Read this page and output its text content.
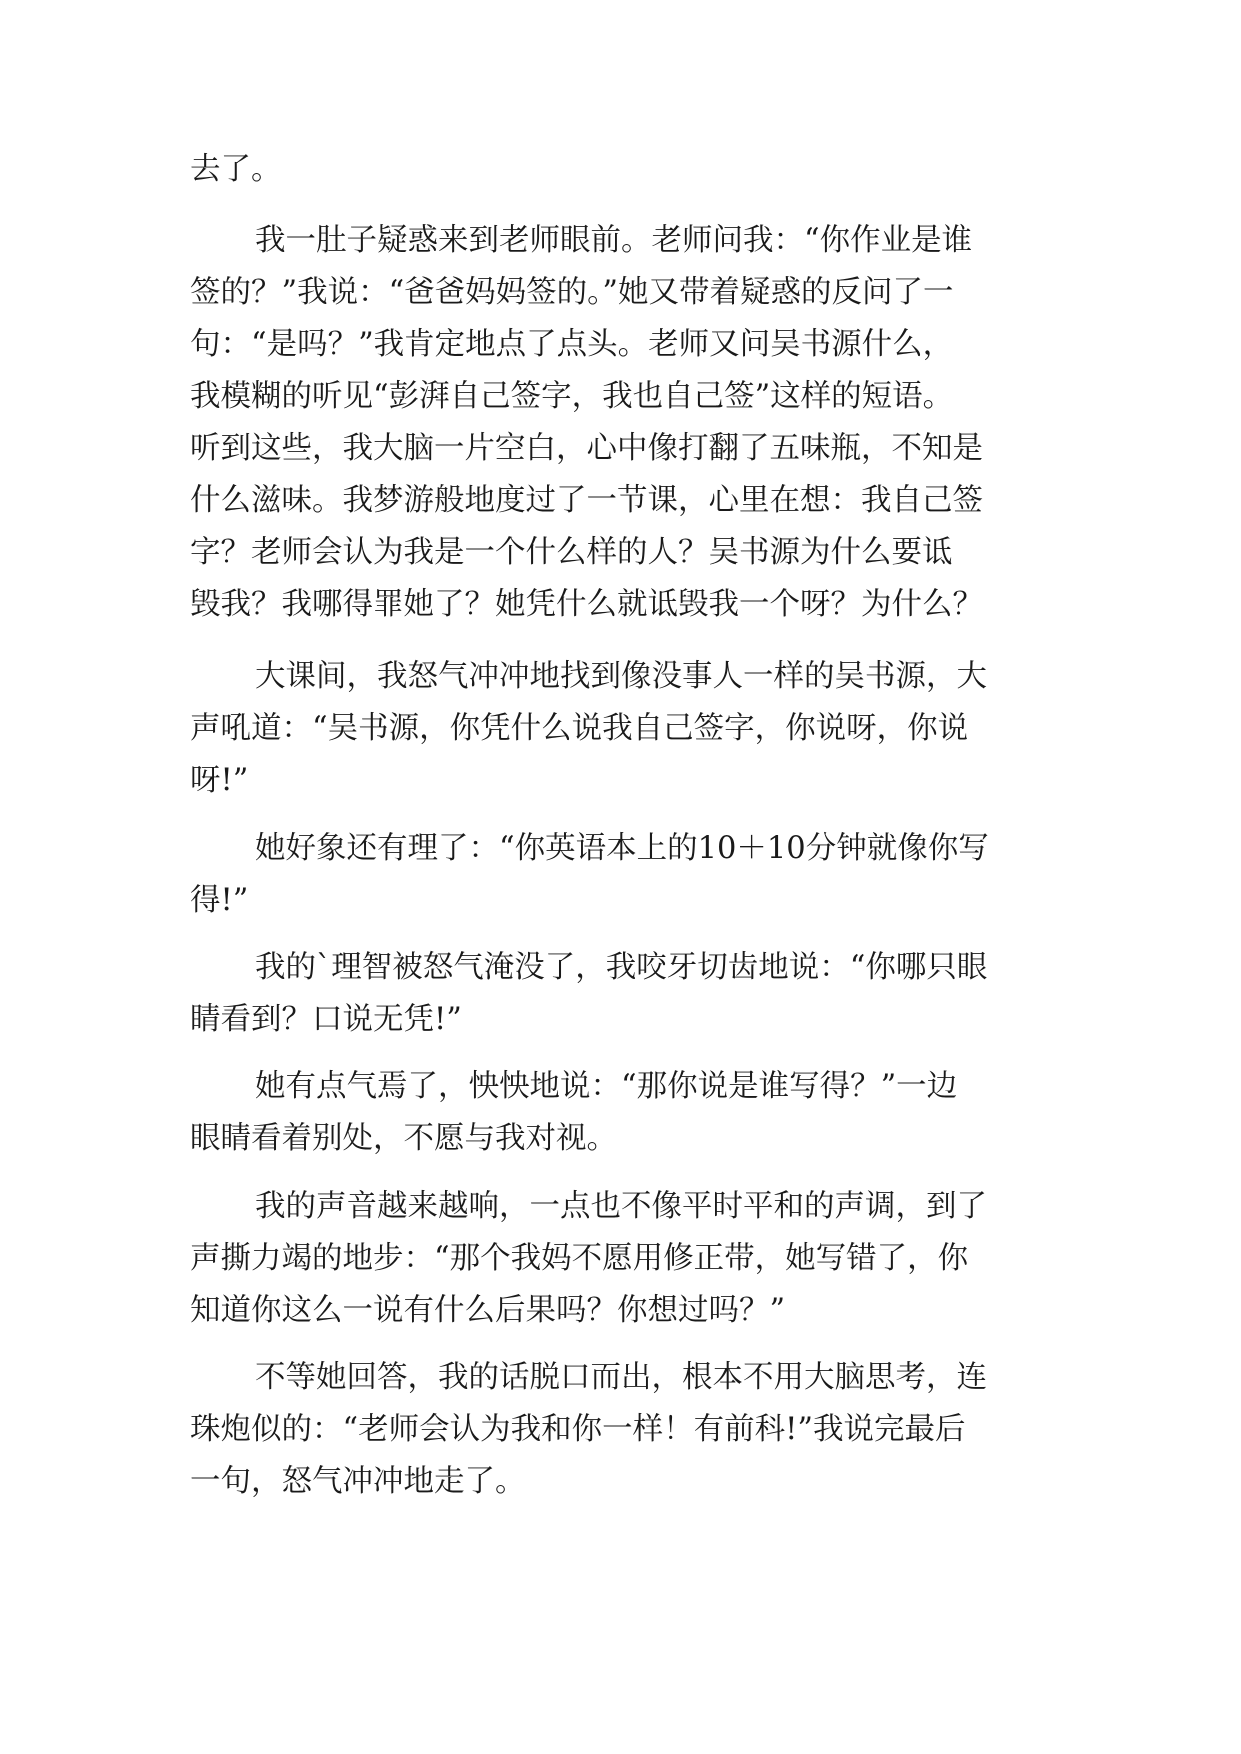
去了。
我一肚子疑惑来到老师眼前。老师问我：“你作业是谁
签的？”我说：“爸爸妈妈签的。”她又带着疑惑的反问了一
句：“是吗？”我肯定地点了点头。老师又问吴书源什么，
我模糊的听见“彭湃自己签字，我也自己签”这样的短语。
听到这些，我大脑一片空白，心中像打翻了五味瓶，不知是
什么滋味。我梦游般地度过了一节课，心里在想：我自己签
字？老师会认为我是一个什么样的人？吴书源为什么要诋
毁我？我哪得罪她了？她凭什么就诋毁我一个呀？为什么？
大课间，我怒气冲冲地找到像没事人一样的吴书源，大
声吼道：“吴书源，你凭什么说我自己签字，你说呀，你说
呀!”
她好象还有理了：“你英语本上的10＋10分钟就像你写
得!”
我的`理智被怒气淹没了，我咬牙切齿地说：“你哪只眼
睛看到？口说无凭!”
她有点气焉了，怏怏地说：“那你说是谁写得？”一边
眼睛看着别处，不愿与我对视。
我的声音越来越响，一点也不像平时平和的声调，到了
声撕力竭的地步：“那个我妈不愿用修正带，她写错了，你
知道你这么一说有什么后果吗？你想过吗？”
不等她回答，我的话脱口而出，根本不用大脑思考，连
珠炮似的：“老师会认为我和你一样！有前科!”我说完最后
一句，怒气冲冲地走了。
